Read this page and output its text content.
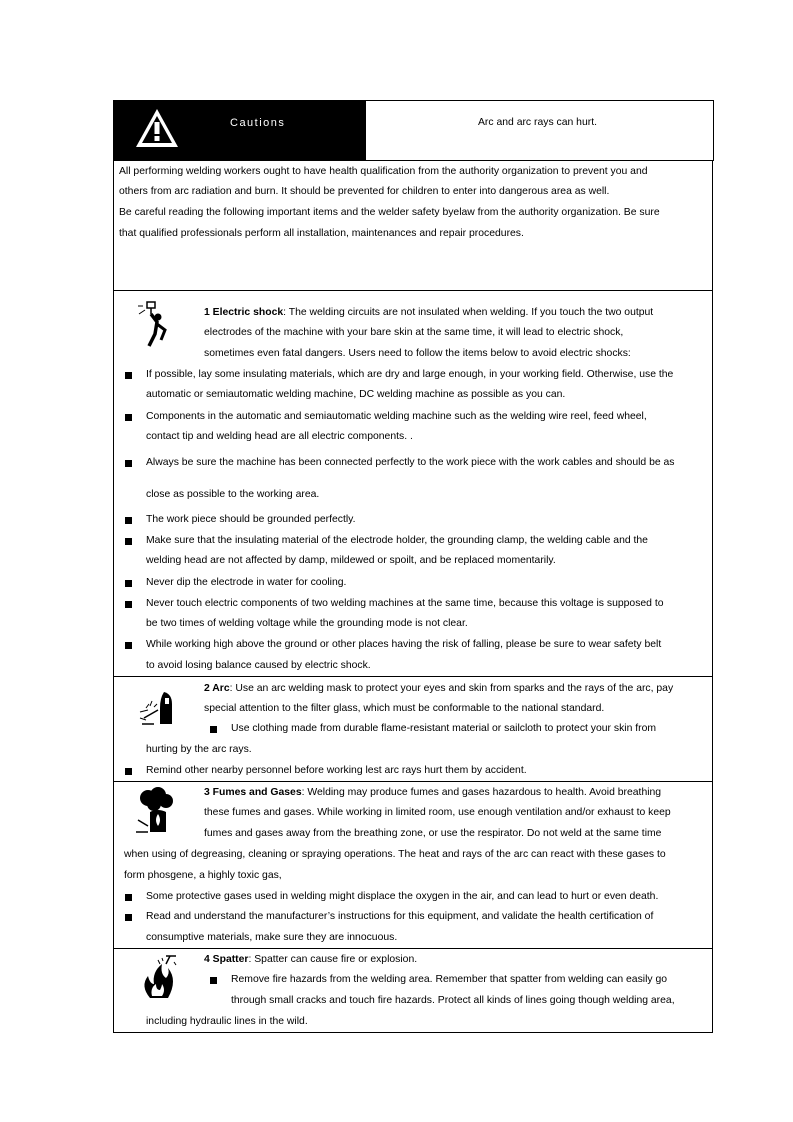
Cautions	Arc and arc rays can hurt.
All performing welding workers ought to have health qualification from the authority organization to prevent you and
others from arc radiation and burn. It should be prevented for children to enter into dangerous area as well.
Be careful reading the following important items and the welder safety byelaw from the authority organization. Be sure
that qualified professionals perform all installation, maintenances and repair procedures.
1 Electric shock: The welding circuits are not insulated when welding. If you touch the two output
electrodes of the machine with your bare skin at the same time, it will lead to electric shock,
sometimes even fatal dangers. Users need to follow the items below to avoid electric shocks:
If possible, lay some insulating materials, which are dry and large enough, in your working field. Otherwise, use the
automatic or semiautomatic welding machine, DC welding machine as possible as you can.
Components in the automatic and semiautomatic welding machine such as the welding wire reel, feed wheel,
contact tip and welding head are all electric components. .
Always be sure the machine has been connected perfectly to the work piece with the work cables and should be as
close as possible to the working area.
The work piece should be grounded perfectly.
Make sure that the insulating material of the electrode holder, the grounding clamp, the welding cable and the
welding head are not affected by damp, mildewed or spoilt, and be replaced momentarily.
Never dip the electrode in water for cooling.
Never touch electric components of two welding machines at the same time, because this voltage is supposed to
be two times of welding voltage while the grounding mode is not clear.
While working high above the ground or other places having the risk of falling, please be sure to wear safety belt
to avoid losing balance caused by electric shock.
2 Arc: Use an arc welding mask to protect your eyes and skin from sparks and the rays of the arc, pay
special attention to the filter glass, which must be conformable to the national standard.
Use clothing made from durable flame-resistant material or sailcloth to protect your skin from
hurting by the arc rays.
Remind other nearby personnel before working lest arc rays hurt them by accident.
3 Fumes and Gases: Welding may produce fumes and gases hazardous to health. Avoid breathing
these fumes and gases. While working in limited room, use enough ventilation and/or exhaust to keep
fumes and gases away from the breathing zone, or use the respirator. Do not weld at the same time
when using of degreasing, cleaning or spraying operations. The heat and rays of the arc can react with these gases to
form phosgene, a highly toxic gas,
Some protective gases used in welding might displace the oxygen in the air, and can lead to hurt or even death.
Read and understand the manufacturer’s instructions for this equipment, and validate the health certification of
consumptive materials, make sure they are innocuous.
4 Spatter: Spatter can cause fire or explosion.
Remove fire hazards from the welding area. Remember that spatter from welding can easily go
through small cracks and touch fire hazards. Protect all kinds of lines going though welding area,
including hydraulic lines in the wild.
